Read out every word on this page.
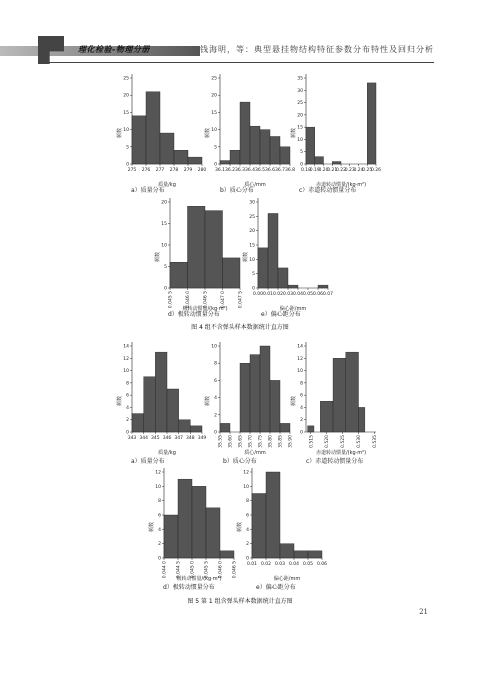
理化检验-物理分册	钱海明，等：典型悬挂物结构特征参数分布特性及回归分析
0
5
10
15
20
25
频数
275 276 277 278 279 280
质量/kg
0
5
10
15
20
25
频数
36.1 36.2 36.3 36.4 36.5 36.6 36.7 36.8
质心/mm
0
5
10
15
20
25
30
35
频数
0.18
0.19
0.20
0.21
0.22
0.23
0.24
0.25
0.26
赤道转动惯量/(kg·m²)
0
5
10
15
20
频数
0.045 5	0.046 0	0.046 5	0.047 0	0.047 5
极转动惯量/(kg·m²)
0
5
10
15
20
25
30
频数
0.00 0.01 0.02 0.03 0.04 0.05 0.06 0.07
偏心距/mm
a）质量分布	b）质心分布	c）赤道转动惯量分布
d）极转动惯量分布	e）偏心距分布
图 4 组不含弹头样本数据统计直方图
0
2
4
6
8
10
12
14
频数
343 344 345 346 347 348 349
质量/kg
0
2
4
6
8
10
频数
35.55 35.60 35.65 35.70 35.75 35.80 35.85 35.90
质心/mm
0
2
4
6
8
10
12
14
频数
0.515 0.520 0.525 0.530 0.535
赤道转动惯量/(kg·m²)
0
2
4
6
8
10
12
频数
0.044 0 0.044 5 0.045 0 0.045 5 0.046 0 0.046 5
极转动惯量/(kg·m²)
0
2
4
6
8
10
12
频数
0.01 0.02 0.03 0.04 0.05 0.06
偏心距/mm
a）质量分布	b）质心分布	c）赤道转动惯量分布
d）极转动惯量分布	e）偏心距分布
图 5 第 1 组含弹头样本数据统计直方图
21
